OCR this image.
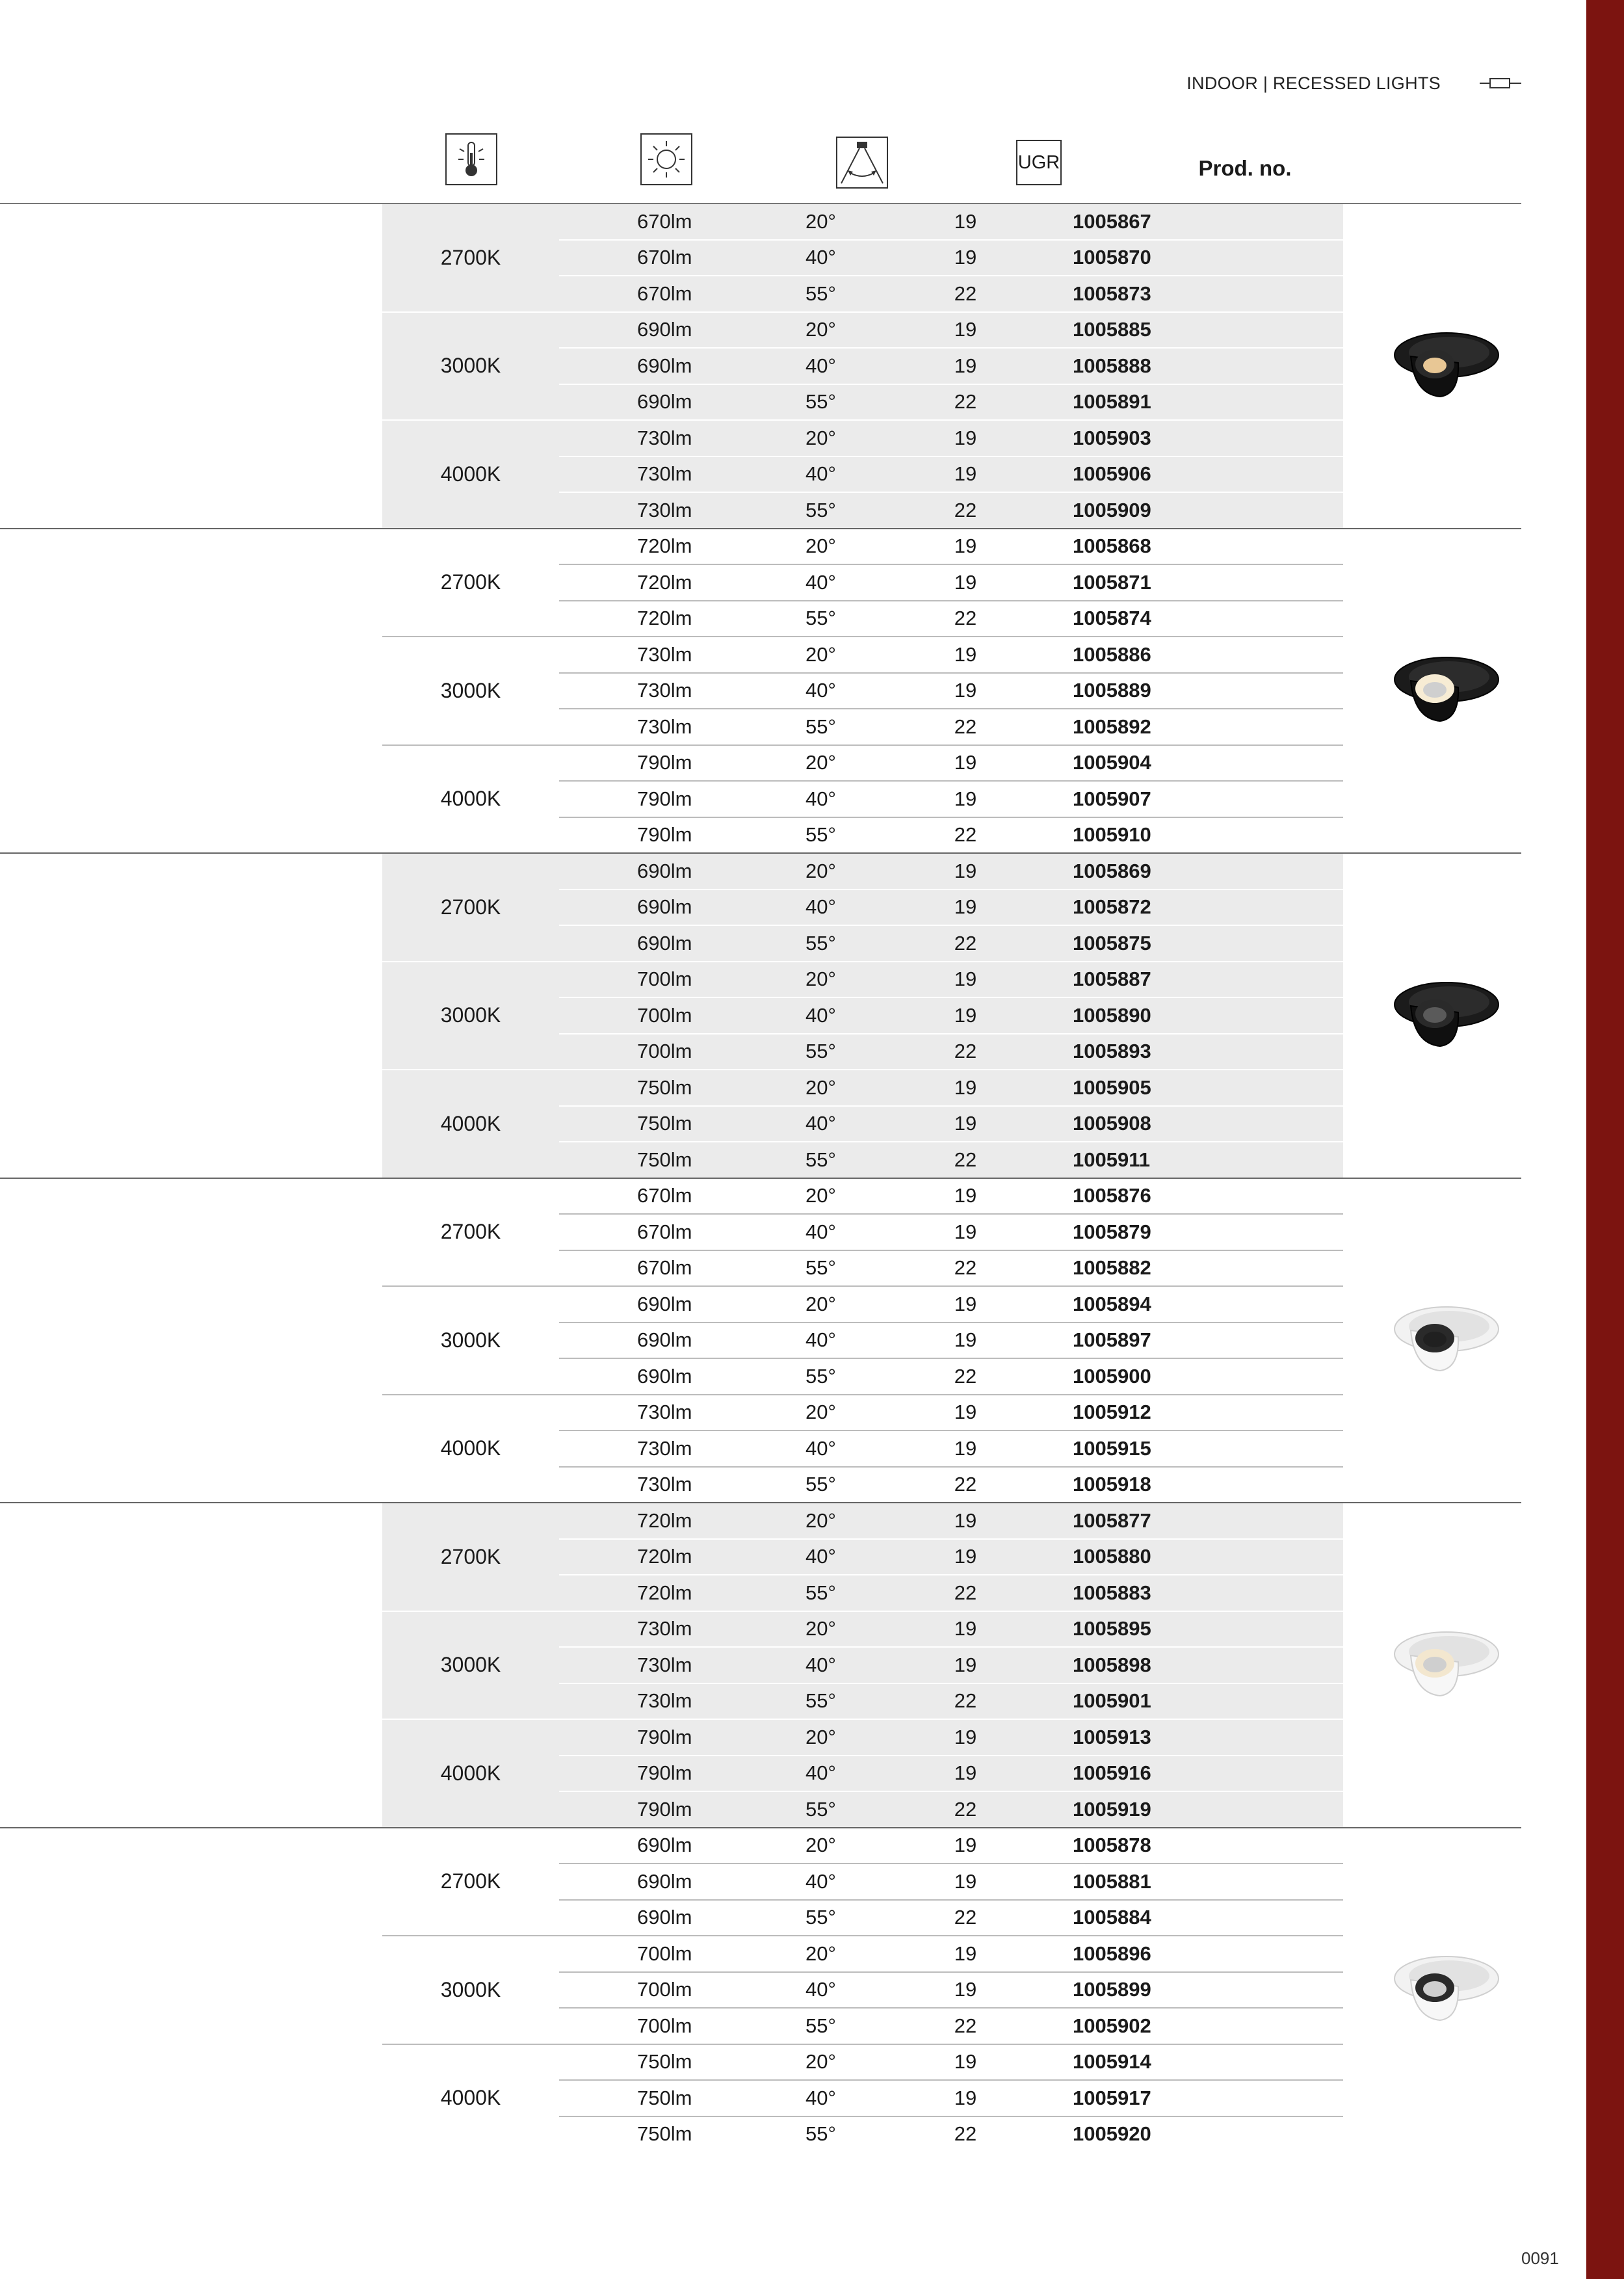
INDOOR | RECESSED LIGHTS
UGR	Prod. no.
2700K
670lm	20°	19	1005867
670lm	40°	19	1005870
670lm	55°	22	1005873
3000K
690lm	20°	19	1005885
690lm	40°	19	1005888
690lm	55°	22	1005891
4000K
730lm	20°	19	1005903
730lm	40°	19	1005906
730lm	55°	22	1005909
2700K
720lm	20°	19	1005868
720lm	40°	19	1005871
720lm	55°	22	1005874
3000K
730lm	20°	19	1005886
730lm	40°	19	1005889
730lm	55°	22	1005892
4000K
790lm	20°	19	1005904
790lm	40°	19	1005907
790lm	55°	22	1005910
2700K
690lm	20°	19	1005869
690lm	40°	19	1005872
690lm	55°	22	1005875
3000K
700lm	20°	19	1005887
700lm	40°	19	1005890
700lm	55°	22	1005893
4000K
750lm	20°	19	1005905
750lm	40°	19	1005908
750lm	55°	22	1005911
2700K
670lm	20°	19	1005876
670lm	40°	19	1005879
670lm	55°	22	1005882
3000K
690lm	20°	19	1005894
690lm	40°	19	1005897
690lm	55°	22	1005900
4000K
730lm	20°	19	1005912
730lm	40°	19	1005915
730lm	55°	22	1005918
2700K
720lm	20°	19	1005877
720lm	40°	19	1005880
720lm	55°	22	1005883
3000K
730lm	20°	19	1005895
730lm	40°	19	1005898
730lm	55°	22	1005901
4000K
790lm	20°	19	1005913
790lm	40°	19	1005916
790lm	55°	22	1005919
2700K
690lm	20°	19	1005878
690lm	40°	19	1005881
690lm	55°	22	1005884
3000K
700lm	20°	19	1005896
700lm	40°	19	1005899
700lm	55°	22	1005902
4000K
750lm	20°	19	1005914
750lm	40°	19	1005917
750lm	55°	22	1005920
0091
